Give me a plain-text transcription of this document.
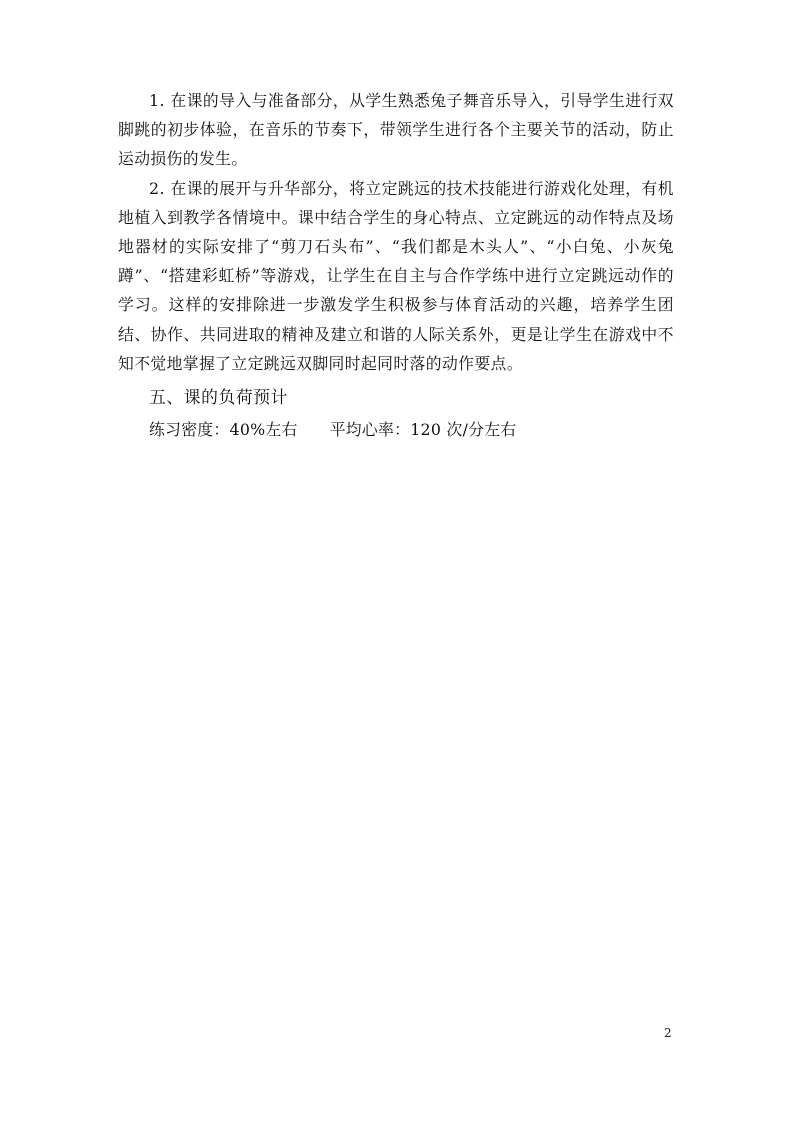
1. 在课的导入与准备部分，从学生熟悉兔子舞音乐导入，引导学生进行双脚跳的初步体验，在音乐的节奏下，带领学生进行各个主要关节的活动，防止运动损伤的发生。

2. 在课的展开与升华部分，将立定跳远的技术技能进行游戏化处理，有机地植入到教学各情境中。课中结合学生的身心特点、立定跳远的动作特点及场地器材的实际安排了“剪刀石头布”、“我们都是木头人”、“小白兔、小灰兔蹲”、“搭建彩虹桥”等游戏，让学生在自主与合作学练中进行立定跳远动作的学习。这样的安排除进一步激发学生积极参与体育活动的兴趣，培养学生团结、协作、共同进取的精神及建立和谐的人际关系外，更是让学生在游戏中不知不觉地掌握了立定跳远双脚同时起同时落的动作要点。

五、课的负荷预计

练习密度：40%左右 平均心率：120 次/分左右

2
